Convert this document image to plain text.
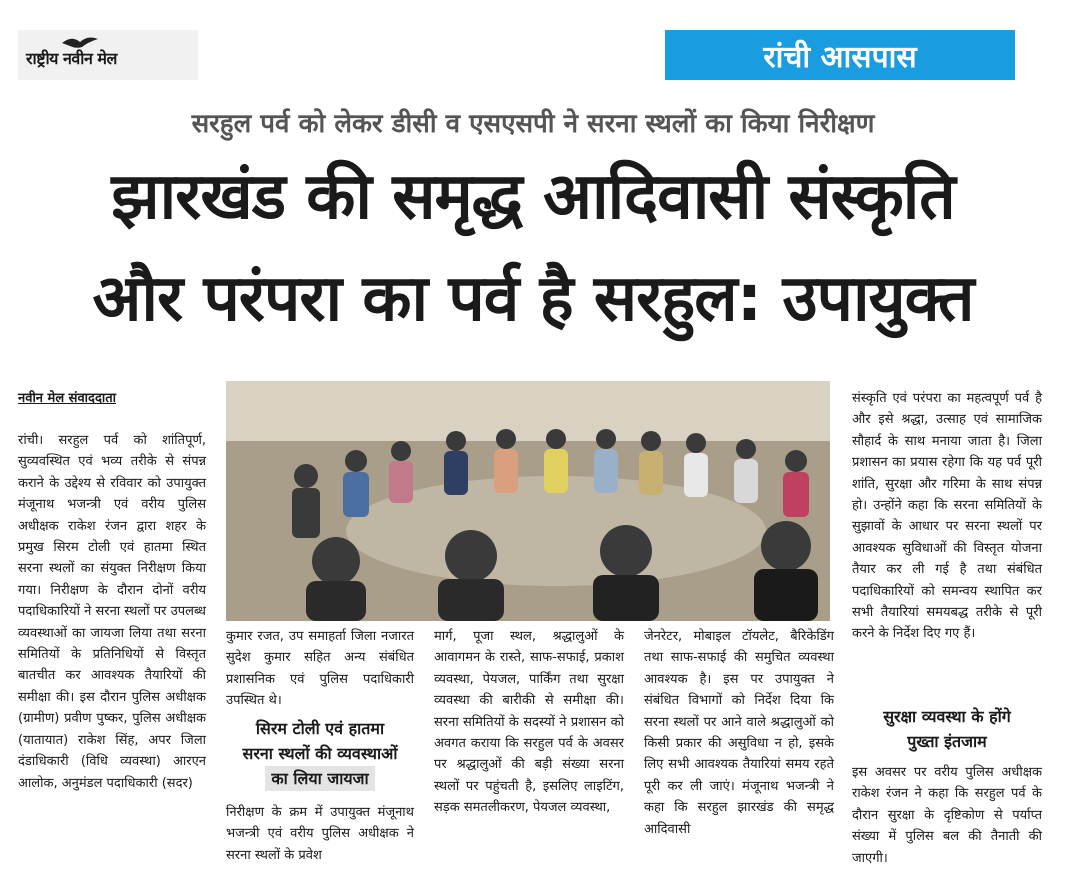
राष्ट्रीय नवीन मेल	रांची आसपास
सरहुल पर्व को लेकर डीसी व एसएसपी ने सरना स्थलों का किया निरीक्षण
झारखंड की समृद्ध आदिवासी संस्कृति
और परंपरा का पर्व है सरहुल: उपायुक्त
नवीन मेल संवाददाता
रांची। सरहुल पर्व को शांतिपूर्ण, सुव्यवस्थित एवं भव्य तरीके से संपन्न कराने के उद्देश्य से रविवार को उपायुक्त मंजूनाथ भजन्त्री एवं वरीय पुलिस अधीक्षक राकेश रंजन द्वारा शहर के प्रमुख सिरम टोली एवं हातमा स्थित सरना स्थलों का संयुक्त निरीक्षण किया गया। निरीक्षण के दौरान दोनों वरीय पदाधिकारियों ने सरना स्थलों पर उपलब्ध व्यवस्थाओं का जायजा लिया तथा सरना समितियों के प्रतिनिधियों से विस्तृत बातचीत कर आवश्यक तैयारियों की समीक्षा की। इस दौरान पुलिस अधीक्षक (ग्रामीण) प्रवीण पुष्कर, पुलिस अधीक्षक (यातायात) राकेश सिंह, अपर जिला दंडाधिकारी (विधि व्यवस्था) आरएन आलोक, अनुमंडल पदाधिकारी (सदर)
कुमार रजत, उप समाहर्ता जिला नजारत सुदेश कुमार सहित अन्य संबंधित प्रशासनिक एवं पुलिस पदाधिकारी उपस्थित थे।
सिरम टोली एवं हातमा
सरना स्थलों की व्यवस्थाओं
का लिया जायजा
निरीक्षण के क्रम में उपायुक्त मंजूनाथ भजन्त्री एवं वरीय पुलिस अधीक्षक ने सरना स्थलों के प्रवेश
मार्ग, पूजा स्थल, श्रद्धालुओं के आवागमन के रास्ते, साफ-सफाई, प्रकाश व्यवस्था, पेयजल, पार्किंग तथा सुरक्षा व्यवस्था की बारीकी से समीक्षा की। सरना समितियों के सदस्यों ने प्रशासन को अवगत कराया कि सरहुल पर्व के अवसर पर श्रद्धालुओं की बड़ी संख्या सरना स्थलों पर पहुंचती है, इसलिए लाइटिंग, सड़क समतलीकरण, पेयजल व्यवस्था,
जेनरेटर, मोबाइल टॉयलेट, बैरिकेडिंग तथा साफ-सफाई की समुचित व्यवस्था आवश्यक है। इस पर उपायुक्त ने संबंधित विभागों को निर्देश दिया कि सरना स्थलों पर आने वाले श्रद्धालुओं को किसी प्रकार की असुविधा न हो, इसके लिए सभी आवश्यक तैयारियां समय रहते पूरी कर ली जाएं। मंजूनाथ भजन्त्री ने कहा कि सरहुल झारखंड की समृद्ध आदिवासी
संस्कृति एवं परंपरा का महत्वपूर्ण पर्व है और इसे श्रद्धा, उत्साह एवं सामाजिक सौहार्द के साथ मनाया जाता है। जिला प्रशासन का प्रयास रहेगा कि यह पर्व पूरी शांति, सुरक्षा और गरिमा के साथ संपन्न हो। उन्होंने कहा कि सरना समितियों के सुझावों के आधार पर सरना स्थलों पर आवश्यक सुविधाओं की विस्तृत योजना तैयार कर ली गई है तथा संबंधित पदाधिकारियों को समन्वय स्थापित कर सभी तैयारियां समयबद्ध तरीके से पूरी करने के निर्देश दिए गए हैं।
सुरक्षा व्यवस्था के होंगे
पुख्ता इंतजाम
इस अवसर पर वरीय पुलिस अधीक्षक राकेश रंजन ने कहा कि सरहुल पर्व के दौरान सुरक्षा के दृष्टिकोण से पर्याप्त संख्या में पुलिस बल की तैनाती की जाएगी।
